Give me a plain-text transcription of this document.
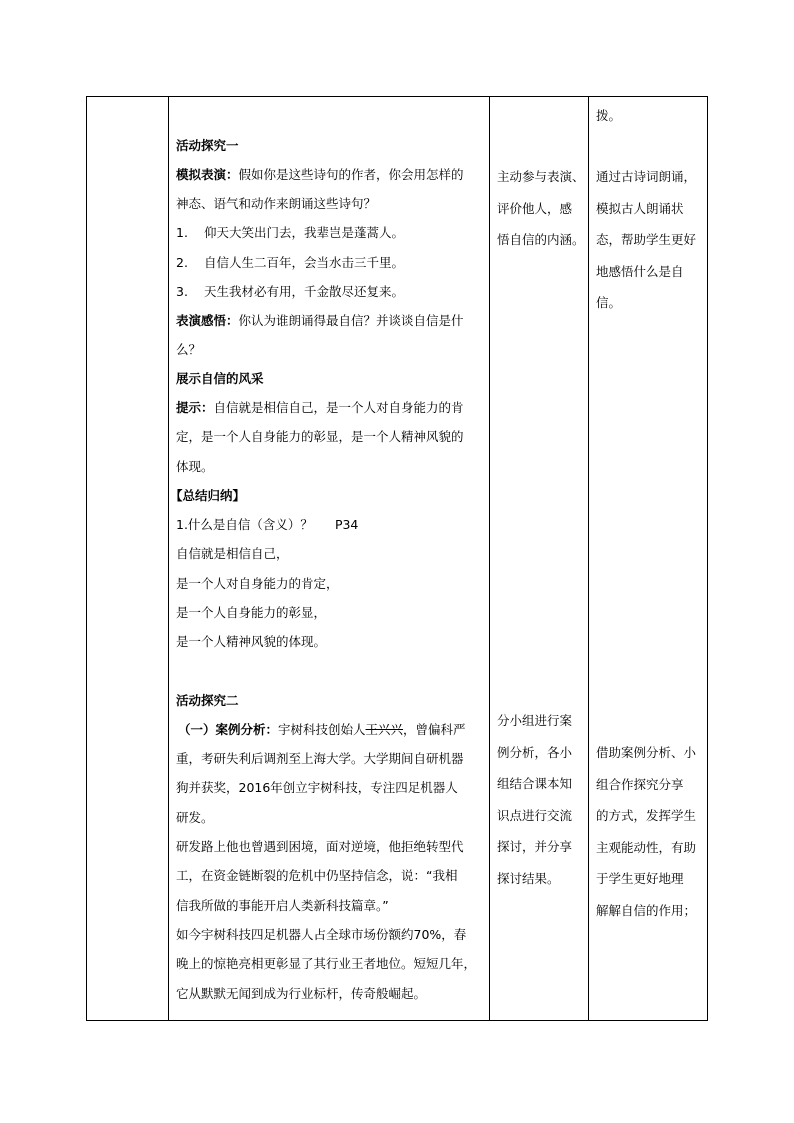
活动探究一
模拟表演：假如你是这些诗句的作者，你会用怎样的
神态、语气和动作来朗诵这些诗句？
1. 仰天大笑出门去，我辈岂是蓬蒿人。
2. 自信人生二百年，会当水击三千里。
3. 天生我材必有用，千金散尽还复来。
表演感悟：你认为谁朗诵得最自信？并谈谈自信是什
么？
展示自信的风采
提示：自信就是相信自己，是一个人对自身能力的肯
定，是一个人自身能力的彰显，是一个人精神风貌的
体现。
【总结归纳】
1.什么是自信（含义）？ P34
自信就是相信自己，
是一个人对自身能力的肯定，
是一个人自身能力的彰显，
是一个人精神风貌的体现。
活动探究二
（一）案例分析：宇树科技创始人王兴兴，曾偏科严
重，考研失利后调剂至上海大学。大学期间自研机器
狗并获奖，2016年创立宇树科技，专注四足机器人
研发。
研发路上他也曾遇到困境，面对逆境，他拒绝转型代
工，在资金链断裂的危机中仍坚持信念，说：“我相
信我所做的事能开启人类新科技篇章。”
如今宇树科技四足机器人占全球市场份额约70%，春
晚上的惊艳亮相更彰显了其行业王者地位。短短几年，
它从默默无闻到成为行业标杆，传奇般崛起。
主动参与表演、
评价他人，感
悟自信的内涵。
分小组进行案
例分析，各小
组结合课本知
识点进行交流
探讨，并分享
探讨结果。
拨。
通过古诗词朗诵，
模拟古人朗诵状
态，帮助学生更好
地感悟什么是自
信。
借助案例分析、小
组合作探究分享
的方式，发挥学生
主观能动性，有助
于学生更好地理
解解自信的作用；
